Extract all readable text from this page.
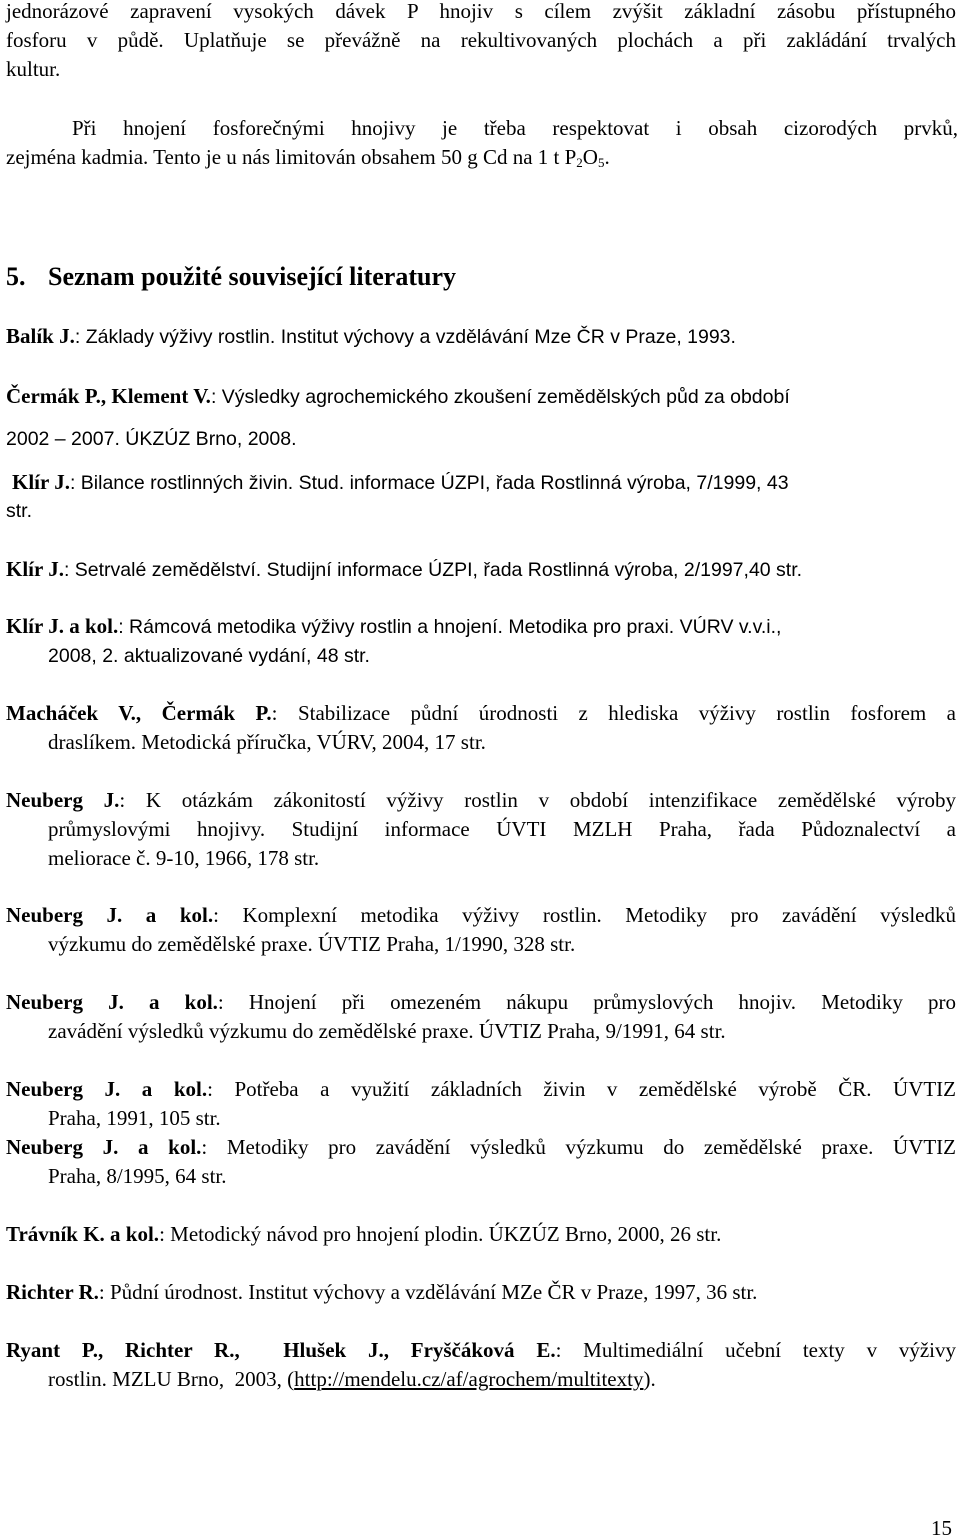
jednorázové zapravení vysokých dávek P hnojiv s cílem zvýšit základní zásobu přístupného
fosforu v půdě. Uplatňuje se převážně na rekultivovaných plochách a při zakládání trvalých
kultur.
Při hnojení fosforečnými hnojivy je třeba respektovat i obsah cizorodých prvků,
zejména kadmia. Tento je u nás limitován obsahem 50 g Cd na 1 t $P_2O_5$.
5. Seznam použité související literatury
Balík J.: Základy výživy rostlin. Institut výchovy a vzdělávání Mze ČR v Praze, 1993.
Čermák P., Klement V.: Výsledky agrochemického zkoušení zemědělských půd za období
2002 – 2007. ÚKZÚZ Brno, 2008.
Klír J.: Bilance rostlinných živin. Stud. informace ÚZPI, řada Rostlinná výroba, 7/1999, 43
str.
Klír J.: Setrvalé zemědělství. Studijní informace ÚZPI, řada Rostlinná výroba, 2/1997,40 str.
Klír J. a kol.: Rámcová metodika výživy rostlin a hnojení. Metodika pro praxi. VÚRV v.v.i.,
2008, 2. aktualizované vydání, 48 str.
Macháček V., Čermák P.: Stabilizace půdní úrodnosti z hlediska výživy rostlin fosforem a
draslíkem. Metodická příručka, VÚRV, 2004, 17 str.
Neuberg J.: K otázkám zákonitostí výživy rostlin v období intenzifikace zemědělské výroby
průmyslovými hnojivy. Studijní informace ÚVTI MZLH Praha, řada Půdoznalectví a
meliorace č. 9-10, 1966, 178 str.
Neuberg J. a kol.: Komplexní metodika výživy rostlin. Metodiky pro zavádění výsledků
výzkumu do zemědělské praxe. ÚVTIZ Praha, 1/1990, 328 str.
Neuberg J. a kol.: Hnojení při omezeném nákupu průmyslových hnojiv. Metodiky pro
zavádění výsledků výzkumu do zemědělské praxe. ÚVTIZ Praha, 9/1991, 64 str.
Neuberg J. a kol.: Potřeba a využití základních živin v zemědělské výrobě ČR. ÚVTIZ
Praha, 1991, 105 str.
Neuberg J. a kol.: Metodiky pro zavádění výsledků výzkumu do zemědělské praxe. ÚVTIZ
Praha, 8/1995, 64 str.
Trávník K. a kol.: Metodický návod pro hnojení plodin. ÚKZÚZ Brno, 2000, 26 str.
Richter R.: Půdní úrodnost. Institut výchovy a vzdělávání MZe ČR v Praze, 1997, 36 str.
Ryant P., Richter R.,  Hlušek J., Fryščáková E.: Multimediální učební texty v výživy
rostlin. MZLU Brno,  2003, (http://mendelu.cz/af/agrochem/multitexty).
15
